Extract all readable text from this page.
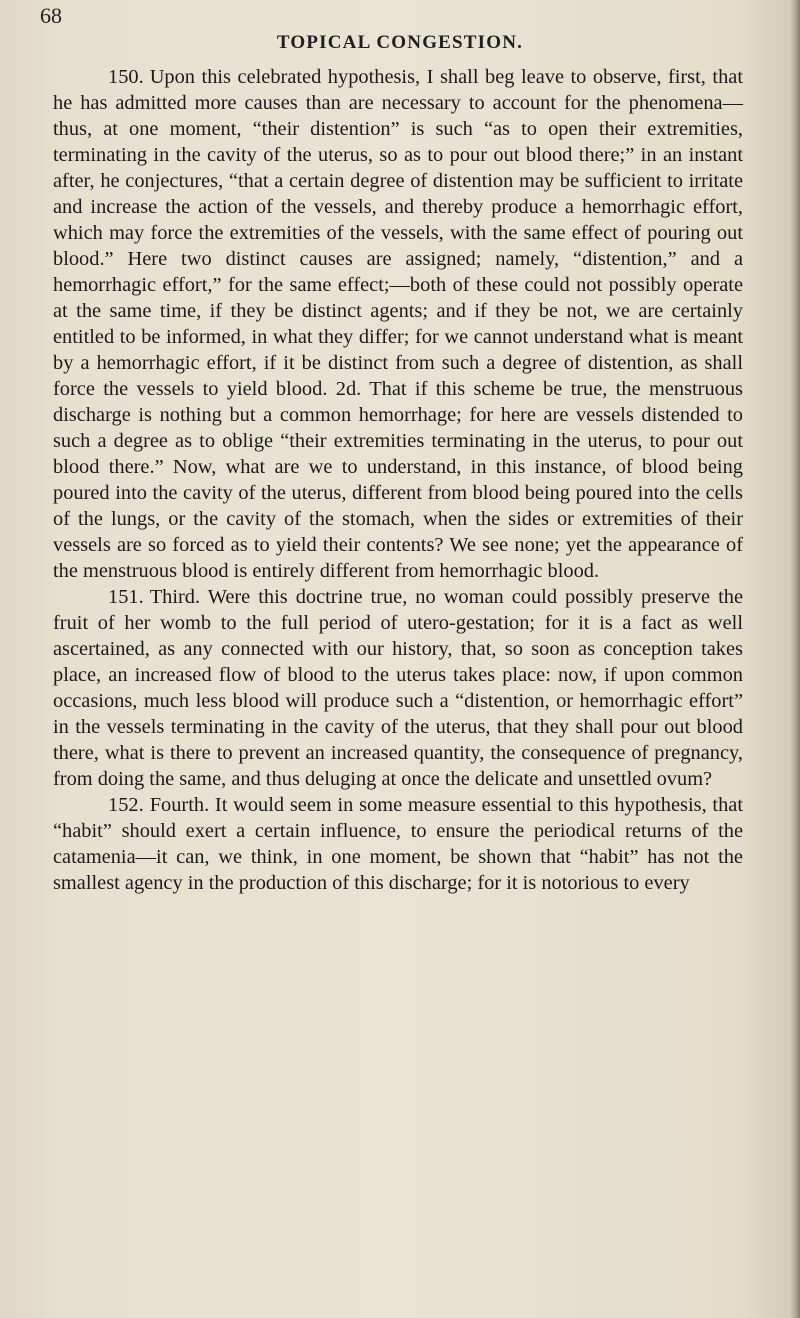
68
TOPICAL CONGESTION.

150. Upon this celebrated hypothesis, I shall beg leave to observe, first, that he has admitted more causes than are necessary to account for the phenomena—thus, at one moment, “their distention” is such “as to open their extremities, terminating in the cavity of the uterus, so as to pour out blood there;” in an instant after, he conjectures, “that a certain degree of distention may be sufficient to irritate and increase the action of the vessels, and thereby produce a hemorrhagic effort, which may force the extremities of the vessels, with the same effect of pouring out blood.” Here two distinct causes are assigned; namely, “distention,” and a hemorrhagic effort,” for the same effect;—both of these could not possibly operate at the same time, if they be distinct agents; and if they be not, we are certainly entitled to be informed, in what they differ; for we cannot understand what is meant by a hemorrhagic effort, if it be distinct from such a degree of distention, as shall force the vessels to yield blood. 2d. That if this scheme be true, the menstruous discharge is nothing but a common hemorrhage; for here are vessels distended to such a degree as to oblige “their extremities terminating in the uterus, to pour out blood there.” Now, what are we to understand, in this instance, of blood being poured into the cavity of the uterus, different from blood being poured into the cells of the lungs, or the cavity of the stomach, when the sides or extremities of their vessels are so forced as to yield their contents? We see none; yet the appearance of the menstruous blood is entirely different from hemorrhagic blood.

151. Third. Were this doctrine true, no woman could possibly preserve the fruit of her womb to the full period of utero-gestation; for it is a fact as well ascertained, as any connected with our history, that, so soon as conception takes place, an increased flow of blood to the uterus takes place: now, if upon common occasions, much less blood will produce such a “distention, or hemorrhagic effort” in the vessels terminating in the cavity of the uterus, that they shall pour out blood there, what is there to prevent an increased quantity, the consequence of pregnancy, from doing the same, and thus deluging at once the delicate and unsettled ovum?

152. Fourth. It would seem in some measure essential to this hypothesis, that “habit” should exert a certain influence, to ensure the periodical returns of the catamenia—it can, we think, in one moment, be shown that “habit” has not the smallest agency in the production of this discharge; for it is notorious to every
